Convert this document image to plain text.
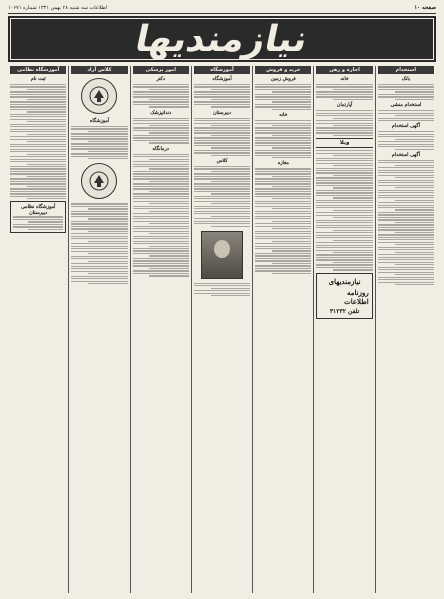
صفحه ۱۰
اطلاعات سه شنبه ۲۸ بهمن ۱۳۴۱ شماره ۱۰۶۷۱
نیازمندیها
استخدام
بانک
استخدام منشی
آگهی استخدام
آگهی استخدام
اجاره و رهن
خانه
آپارتمان
ویلا
نیازمندیهای
روزنامه اطلاعات
تلفن ۳۱۲۳۲
خرید و فروش
فروش زمین
خانه
مغازه
آموزشگاه
آموزشگاه
دبیرستان
کلاس
امور پزشکی
دکتر
دندانپزشک
درمانگاه
کلاس آزاد
آموزشگاه
آموزشگاه نظامی
ثبت نام
آموزشگاه نظامی
دبیرستان
